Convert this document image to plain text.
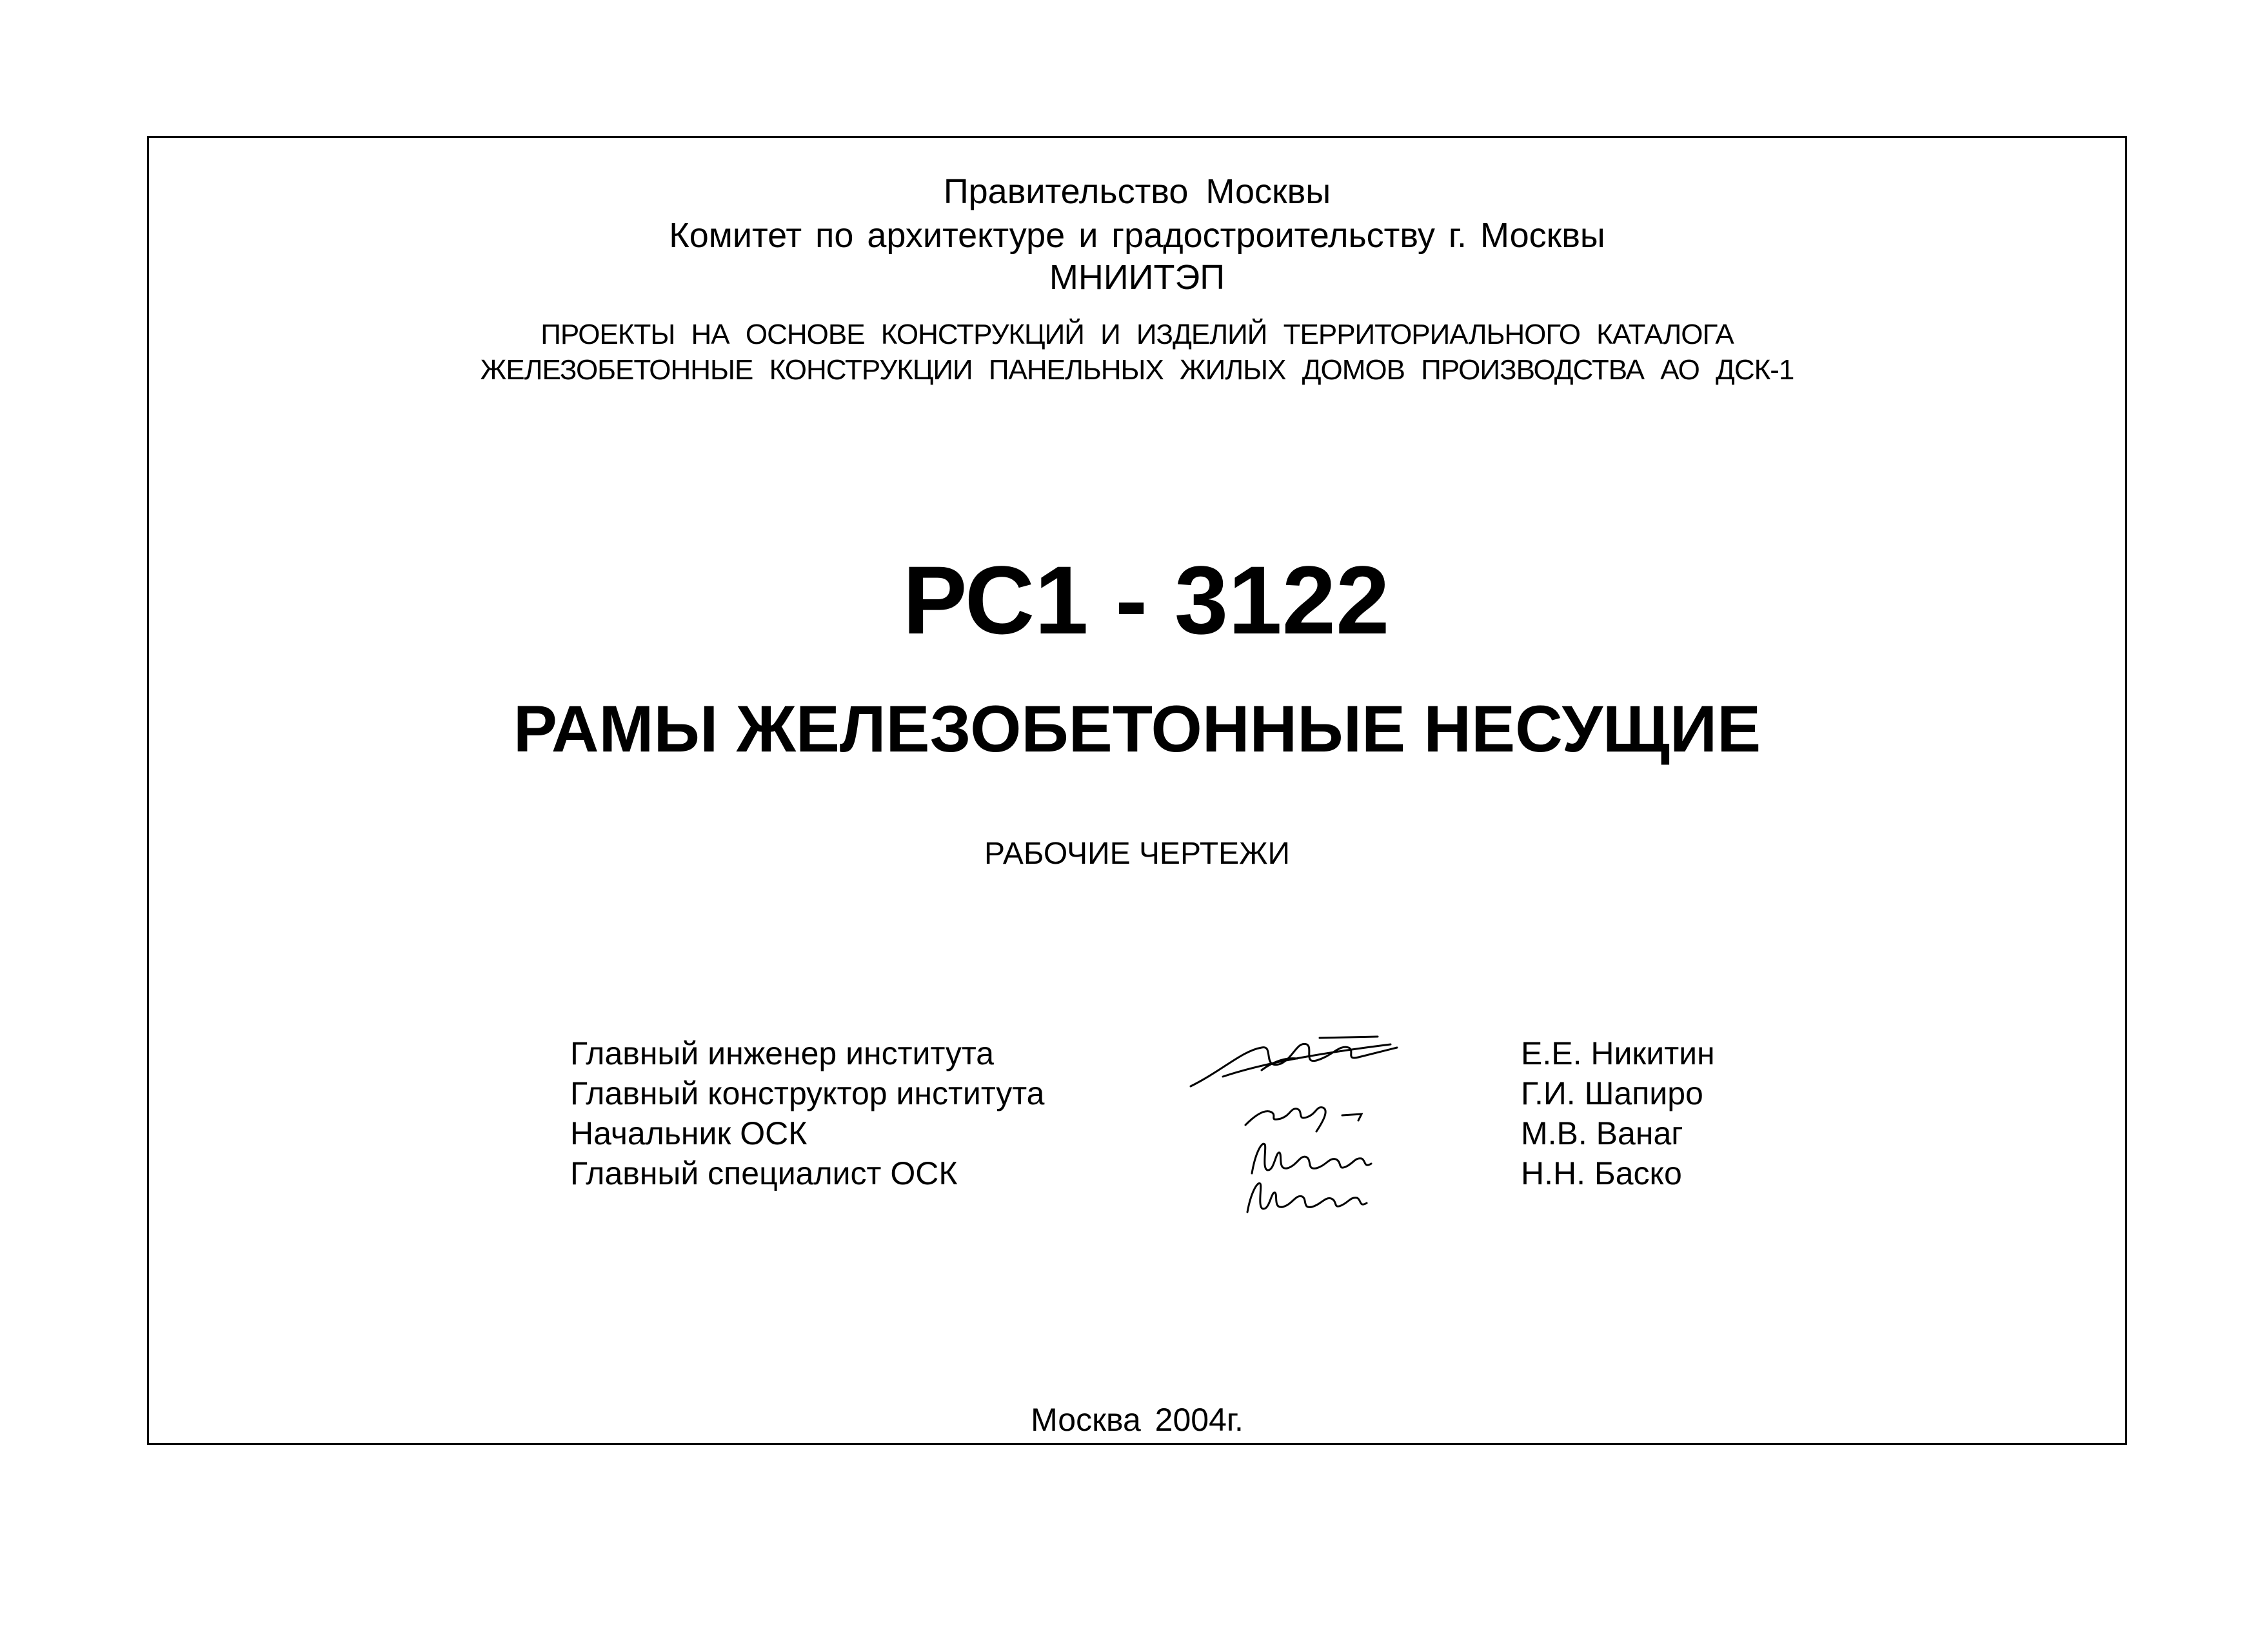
Правительство Москвы
Комитет по архитектуре и градостроительству г. Москвы
МНИИТЭП
ПРОЕКТЫ НА ОСНОВЕ КОНСТРУКЦИЙ И ИЗДЕЛИЙ ТЕРРИТОРИАЛЬНОГО КАТАЛОГА
ЖЕЛЕЗОБЕТОННЫЕ КОНСТРУКЦИИ ПАНЕЛЬНЫХ ЖИЛЫХ ДОМОВ ПРОИЗВОДСТВА АО ДСК-1
РС1 - 3122
РАМЫ ЖЕЛЕЗОБЕТОННЫЕ НЕСУЩИЕ
РАБОЧИЕ ЧЕРТЕЖИ
Главный инженер института
Главный конструктор института
Начальник ОСК
Главный специалист ОСК
Е.Е. Никитин
Г.И. Шапиро
М.В. Ванаг
Н.Н. Баско
Москва 2004г.
